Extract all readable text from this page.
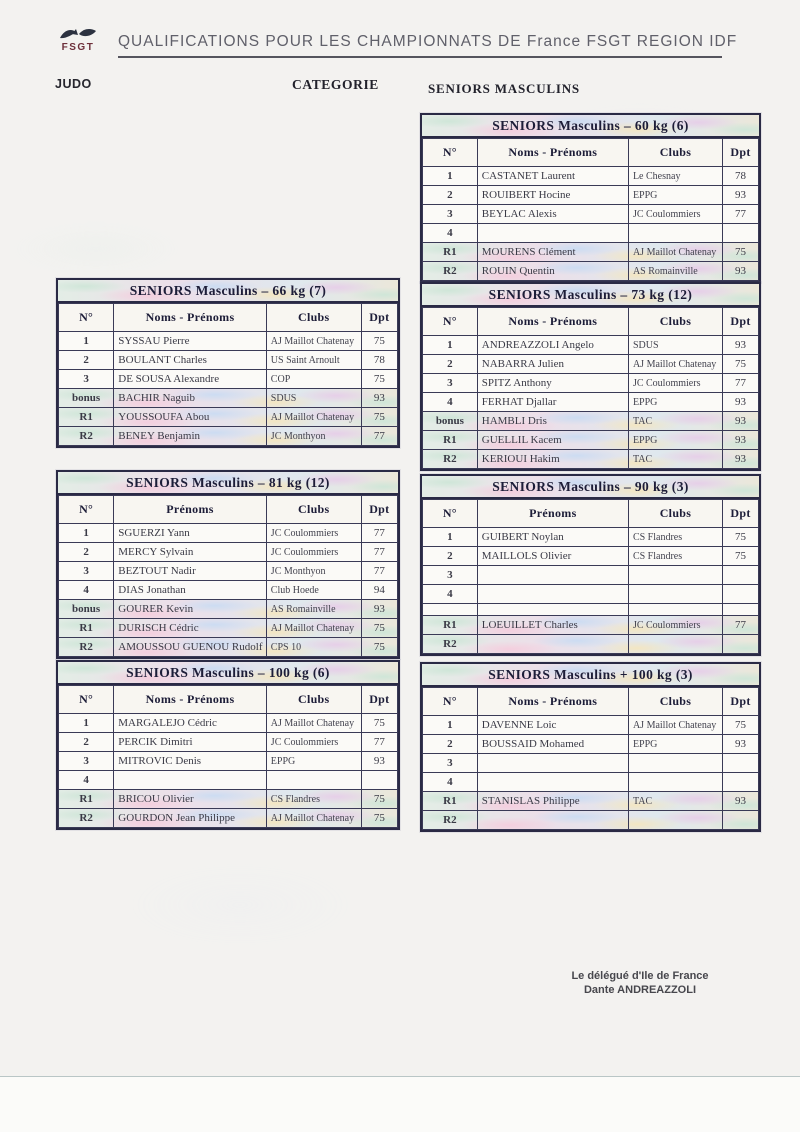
FSGT	QUALIFICATIONS POUR LES CHAMPIONNATS DE France FSGT REGION IDF
JUDO	CATEGORIE	SENIORS MASCULINS
SENIORS Masculins – 60 kg (6)
N°	Noms - Prénoms	Clubs	Dpt
1	CASTANET Laurent	Le Chesnay	78
2	ROUIBERT Hocine	EPPG	93
3	BEYLAC Alexis	JC Coulommiers	77
4			
R1	MOURENS Clément	AJ Maillot Chatenay	75
R2	ROUIN Quentin	AS Romainville	93
SENIORS Masculins – 66 kg (7)
N°	Noms - Prénoms	Clubs	Dpt
1	SYSSAU Pierre	AJ Maillot Chatenay	75
2	BOULANT Charles	US Saint Arnoult	78
3	DE SOUSA Alexandre	COP	75
bonus	BACHIR Naguib	SDUS	93
R1	YOUSSOUFA Abou	AJ Maillot Chatenay	75
R2	BENEY Benjamin	JC Monthyon	77
SENIORS Masculins – 73 kg (12)
N°	Noms - Prénoms	Clubs	Dpt
1	ANDREAZZOLI Angelo	SDUS	93
2	NABARRA Julien	AJ Maillot Chatenay	75
3	SPITZ Anthony	JC Coulommiers	77
4	FERHAT Djallar	EPPG	93
bonus	HAMBLI Dris	TAC	93
R1	GUELLIL Kacem	EPPG	93
R2	KERIOUI Hakim	TAC	93
SENIORS Masculins – 81 kg (12)
N°	Prénoms	Clubs	Dpt
1	SGUERZI Yann	JC Coulommiers	77
2	MERCY Sylvain	JC Coulommiers	77
3	BEZTOUT Nadir	JC Monthyon	77
4	DIAS Jonathan	Club Hoede	94
bonus	GOURER Kevin	AS Romainville	93
R1	DURISCH Cédric	AJ Maillot Chatenay	75
R2	AMOUSSOU GUENOU Rudolf	CPS 10	75
SENIORS Masculins – 90 kg (3)
N°	Prénoms	Clubs	Dpt
1	GUIBERT Noylan	CS Flandres	75
2	MAILLOLS Olivier	CS Flandres	75
3			
4			

R1	LOEUILLET Charles	JC Coulommiers	77
R2			
SENIORS Masculins – 100 kg (6)
N°	Noms - Prénoms	Clubs	Dpt
1	MARGALEJO Cédric	AJ Maillot Chatenay	75
2	PERCIK Dimitri	JC Coulommiers	77
3	MITROVIC Denis	EPPG	93
4			
R1	BRICOU Olivier	CS Flandres	75
R2	GOURDON Jean Philippe	AJ Maillot Chatenay	75
SENIORS Masculins + 100 kg (3)
N°	Noms - Prénoms	Clubs	Dpt
1	DAVENNE Loic	AJ Maillot Chatenay	75
2	BOUSSAID Mohamed	EPPG	93
3			
4			
R1	STANISLAS Philippe	TAC	93
R2			
Le délégué d'Ile de France
Dante ANDREAZZOLI
